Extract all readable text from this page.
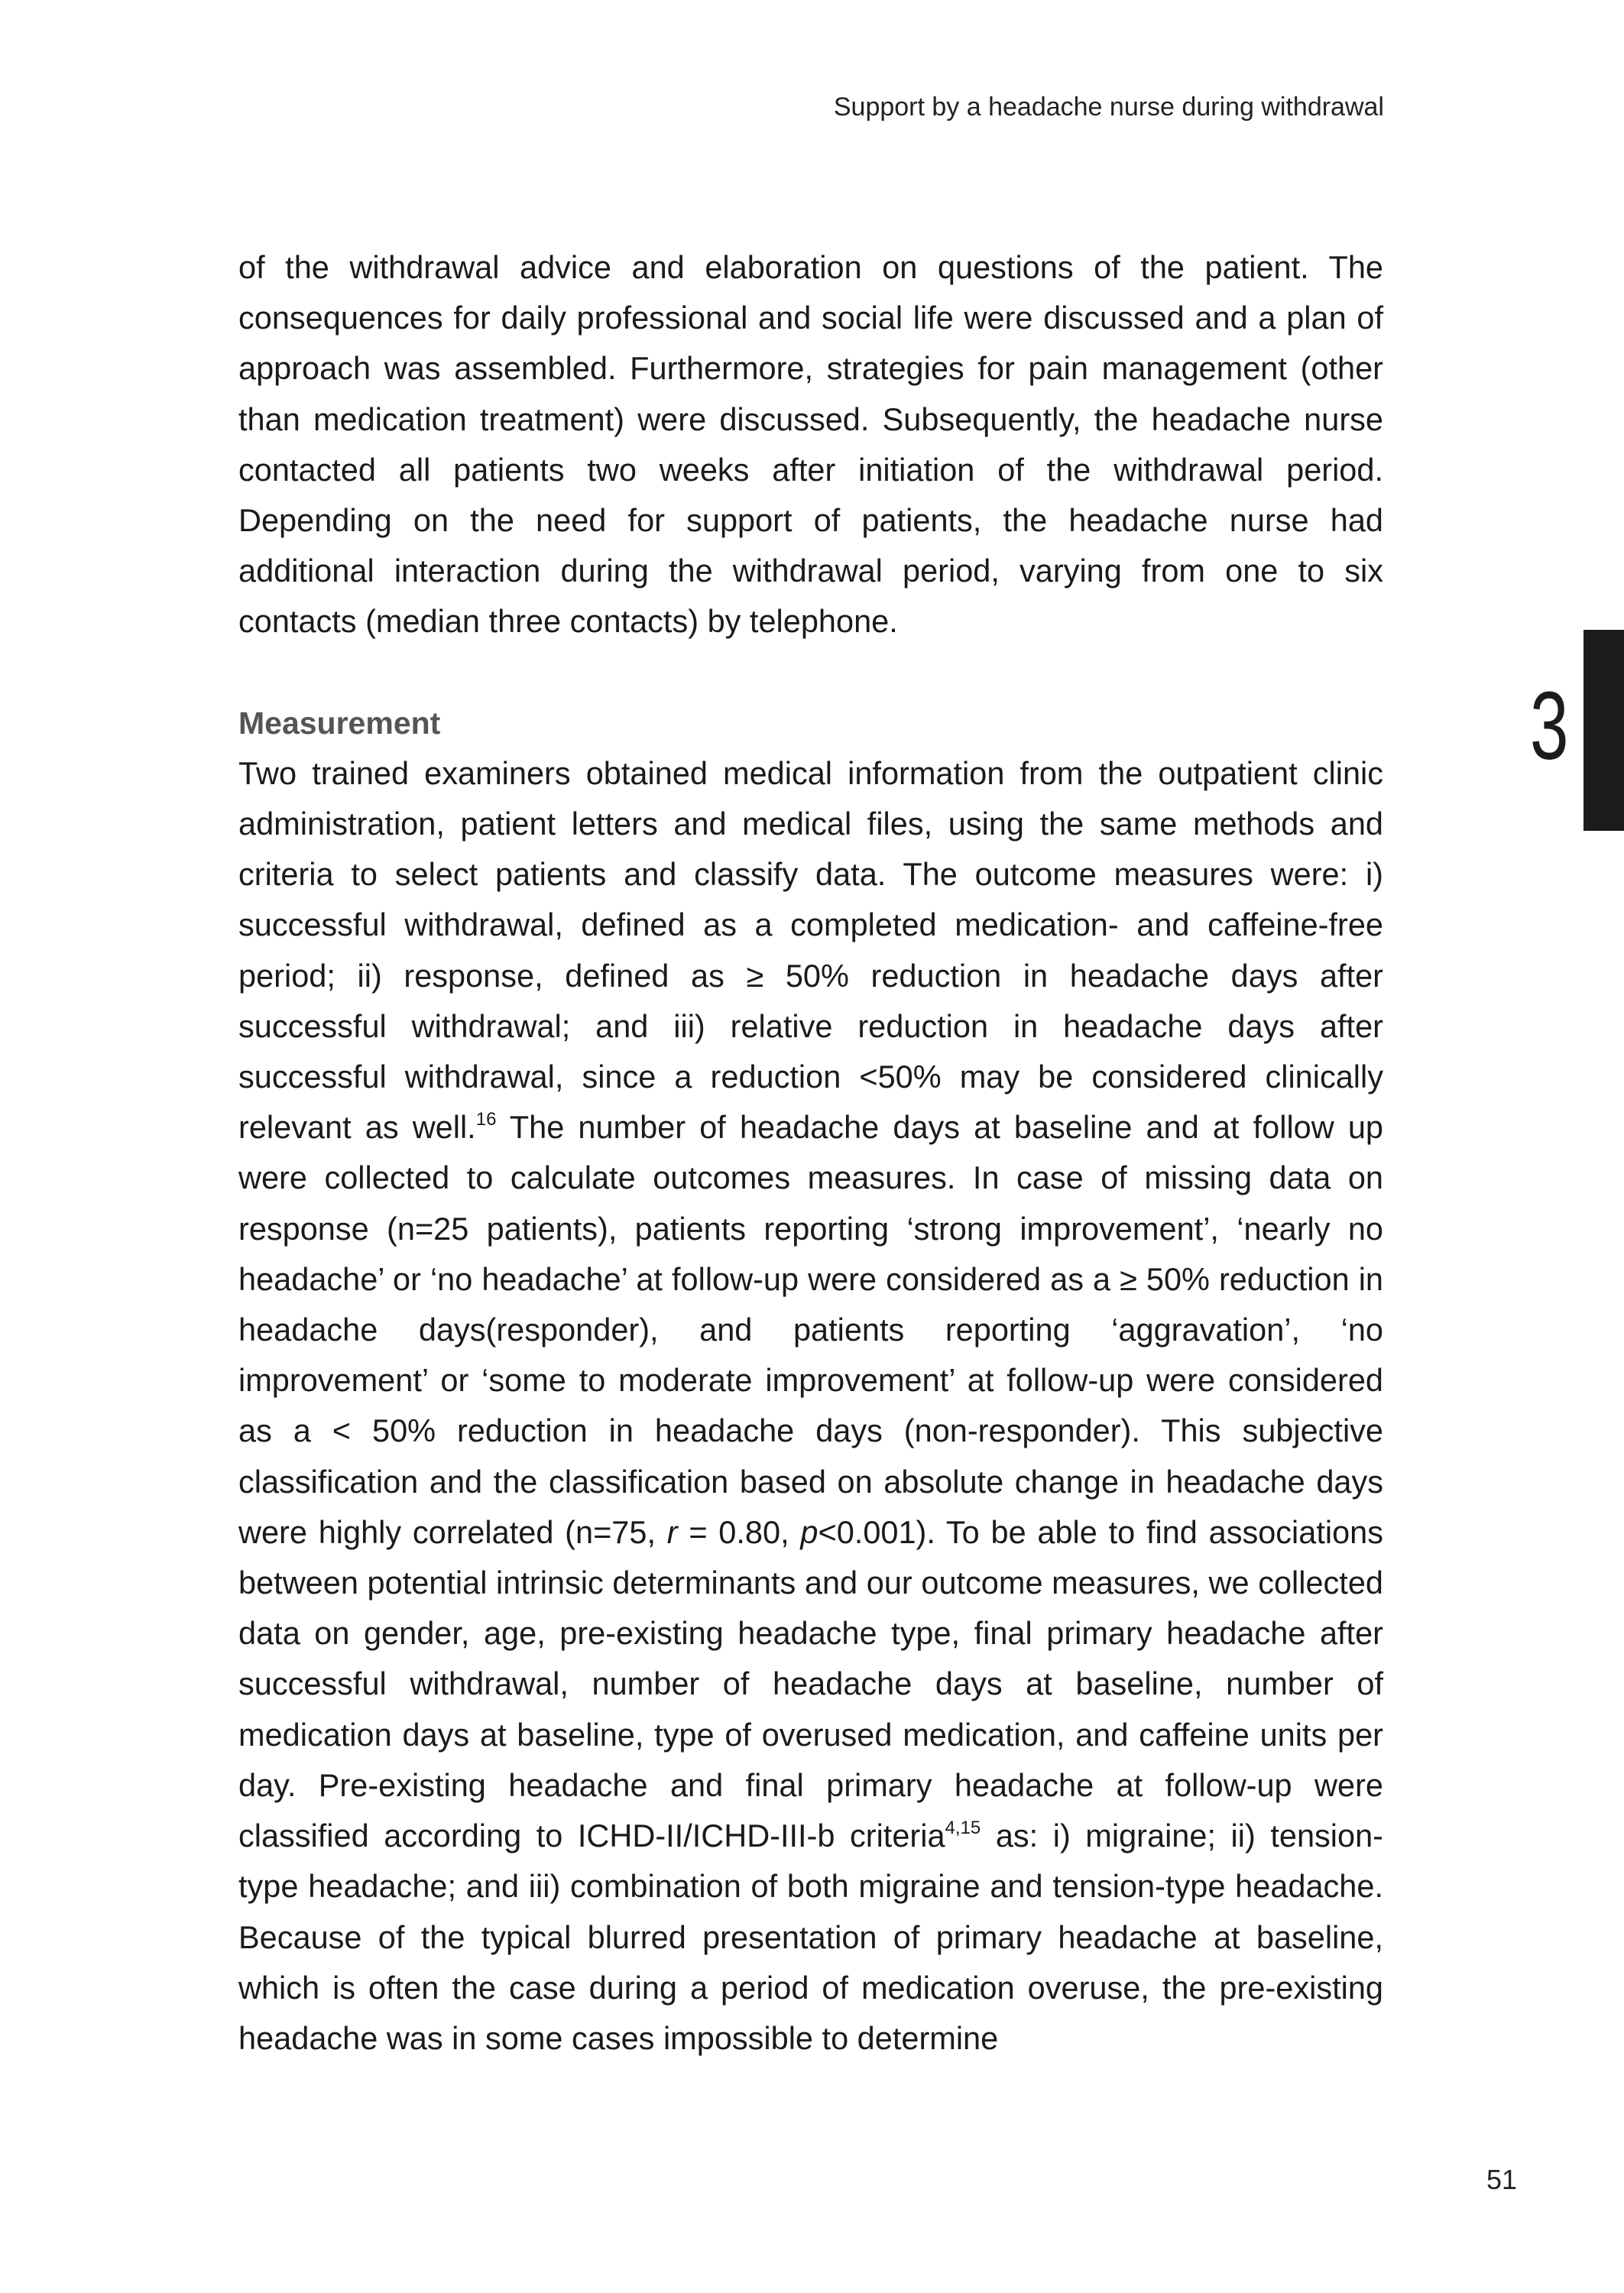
Support by a headache nurse during withdrawal

of the withdrawal advice and elaboration on questions of the patient. The consequences for daily professional and social life were discussed and a plan of approach was assembled. Furthermore, strategies for pain management (other than medication treatment) were discussed. Subsequently, the headache nurse contacted all patients two weeks after initiation of the withdrawal period. Depending on the need for support of patients, the headache nurse had additional interaction during the withdrawal period, varying from one to six contacts (median three contacts) by telephone.

Measurement

Two trained examiners obtained medical information from the outpatient clinic administration, patient letters and medical files, using the same methods and criteria to select patients and classify data. The outcome measures were: i) successful withdrawal, defined as a completed medication- and caffeine-free period; ii) response, defined as ≥ 50% reduction in headache days after successful withdrawal; and iii) relative reduction in headache days after successful withdrawal, since a reduction <50% may be considered clinically relevant as well.$^{16}$ The number of headache days at baseline and at follow up were collected to calculate outcomes measures. In case of missing data on response (n=25 patients), patients reporting ‘strong improvement’, ‘nearly no headache’ or ‘no headache’ at follow-up were considered as a ≥ 50% reduction in headache days(responder), and patients reporting ‘aggravation’, ‘no improvement’ or ‘some to moderate improvement’ at follow-up were considered as a < 50% reduction in headache days (non-responder). This subjective classification and the classification based on absolute change in headache days were highly correlated (n=75, r = 0.80, p<0.001). To be able to find associations between potential intrinsic determinants and our outcome measures, we collected data on gender, age, pre-existing headache type, final primary headache after successful withdrawal, number of headache days at baseline, number of medication days at baseline, type of overused medication, and caffeine units per day. Pre-existing headache and final primary headache at follow-up were classified according to ICHD-II/ICHD-III-b criteria$^{4,15}$ as: i) migraine; ii) tension-type headache; and iii) combination of both migraine and tension-type headache. Because of the typical blurred presentation of primary headache at baseline, which is often the case during a period of medication overuse, the pre-existing headache was in some cases impossible to determine

3
51
